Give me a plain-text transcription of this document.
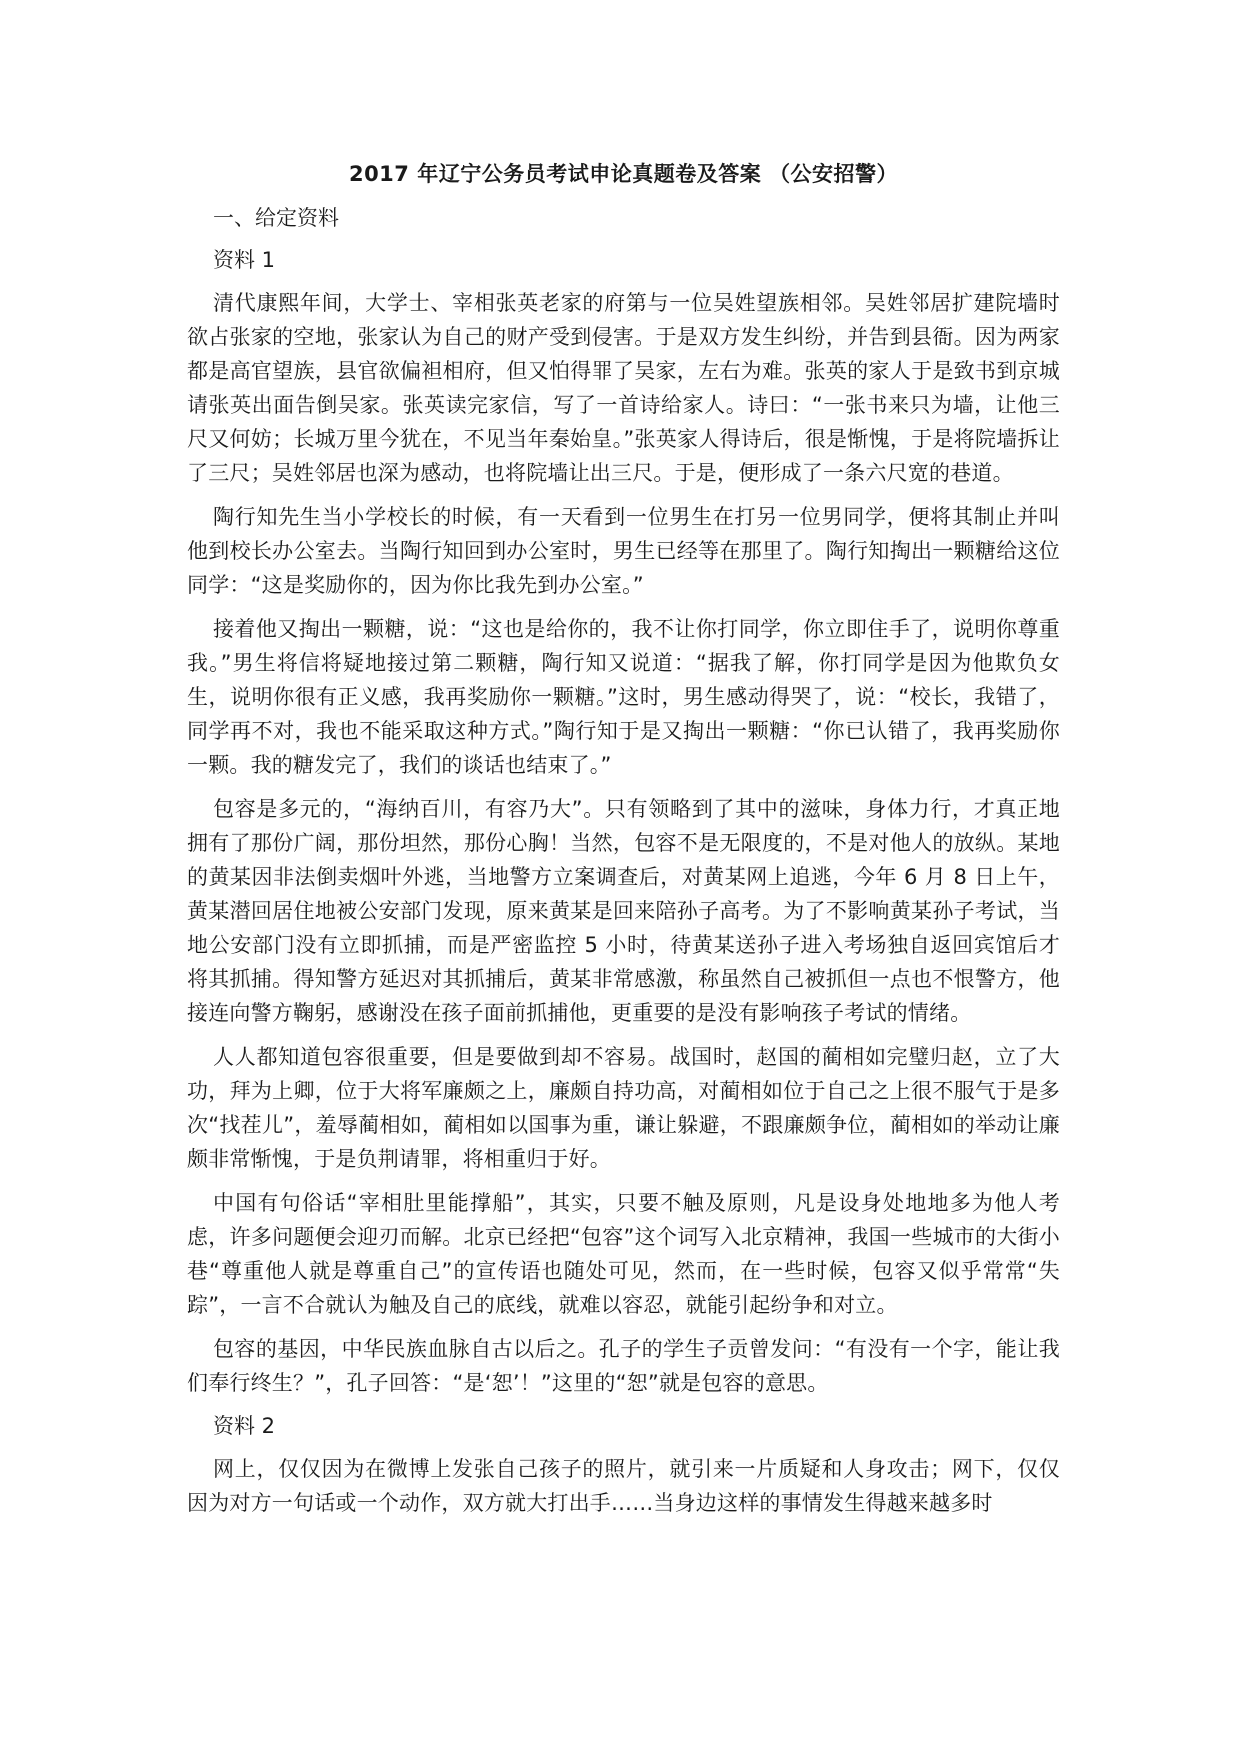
2017 年辽宁公务员考试申论真题卷及答案 （公安招警）
一、给定资料
资料 1

清代康熙年间，大学士、宰相张英老家的府第与一位吴姓望族相邻。吴姓邻居扩建院墙时欲占张家的空地，张家认为自己的财产受到侵害。于是双方发生纠纷，并告到县衙。因为两家都是高官望族，县官欲偏袒相府，但又怕得罪了吴家，左右为难。张英的家人于是致书到京城请张英出面告倒吴家。张英读完家信，写了一首诗给家人。诗曰：“一张书来只为墙，让他三尺又何妨；长城万里今犹在，不见当年秦始皇。”张英家人得诗后，很是惭愧，于是将院墙拆让了三尺；吴姓邻居也深为感动，也将院墙让出三尺。于是，便形成了一条六尺宽的巷道。

陶行知先生当小学校长的时候，有一天看到一位男生在打另一位男同学，便将其制止并叫他到校长办公室去。当陶行知回到办公室时，男生已经等在那里了。陶行知掏出一颗糖给这位同学：“这是奖励你的，因为你比我先到办公室。”

接着他又掏出一颗糖，说：“这也是给你的，我不让你打同学，你立即住手了，说明你尊重我。”男生将信将疑地接过第二颗糖，陶行知又说道：“据我了解，你打同学是因为他欺负女生，说明你很有正义感，我再奖励你一颗糖。”这时，男生感动得哭了，说：“校长，我错了，同学再不对，我也不能采取这种方式。”陶行知于是又掏出一颗糖：“你已认错了，我再奖励你一颗。我的糖发完了，我们的谈话也结束了。”

包容是多元的，“海纳百川，有容乃大”。只有领略到了其中的滋味，身体力行，才真正地拥有了那份广阔，那份坦然，那份心胸！当然，包容不是无限度的，不是对他人的放纵。某地的黄某因非法倒卖烟叶外逃，当地警方立案调查后，对黄某网上追逃，今年 6 月 8 日上午，黄某潜回居住地被公安部门发现，原来黄某是回来陪孙子高考。为了不影响黄某孙子考试，当地公安部门没有立即抓捕，而是严密监控 5 小时，待黄某送孙子进入考场独自返回宾馆后才将其抓捕。得知警方延迟对其抓捕后，黄某非常感激，称虽然自己被抓但一点也不恨警方，他接连向警方鞠躬，感谢没在孩子面前抓捕他，更重要的是没有影响孩子考试的情绪。

人人都知道包容很重要，但是要做到却不容易。战国时，赵国的蔺相如完璧归赵，立了大功，拜为上卿，位于大将军廉颇之上，廉颇自持功高，对蔺相如位于自己之上很不服气于是多次“找茬儿”，羞辱蔺相如，蔺相如以国事为重，谦让躲避，不跟廉颇争位，蔺相如的举动让廉颇非常惭愧，于是负荆请罪，将相重归于好。

中国有句俗话“宰相肚里能撑船”，其实，只要不触及原则，凡是设身处地地多为他人考虑，许多问题便会迎刃而解。北京已经把“包容”这个词写入北京精神，我国一些城市的大街小巷“尊重他人就是尊重自己”的宣传语也随处可见，然而，在一些时候，包容又似乎常常“失踪”，一言不合就认为触及自己的底线，就难以容忍，就能引起纷争和对立。

包容的基因，中华民族血脉自古以后之。孔子的学生子贡曾发问：“有没有一个字，能让我们奉行终生？”，孔子回答：“是‘恕’！”这里的“恕”就是包容的意思。

资料 2

网上，仅仅因为在微博上发张自己孩子的照片，就引来一片质疑和人身攻击；网下，仅仅因为对方一句话或一个动作，双方就大打出手……当身边这样的事情发生得越来越多时
